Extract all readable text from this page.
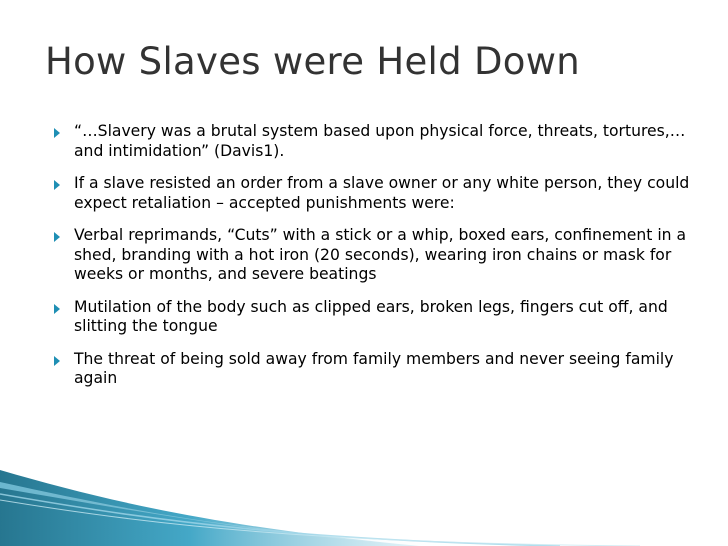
How Slaves were Held Down
“…Slavery was a brutal system based upon physical force, threats, tortures,… and intimidation” (Davis1).
If a slave resisted an order from a slave owner or any white person, they could expect retaliation – accepted punishments were:
Verbal reprimands, “Cuts” with a stick or a whip, boxed ears, confinement in a shed, branding with a hot iron (20 seconds), wearing iron chains or mask for weeks or months, and severe beatings
Mutilation of the body such as clipped ears, broken legs, fingers cut off, and slitting the tongue
The threat of being sold away from family members and never seeing family again
